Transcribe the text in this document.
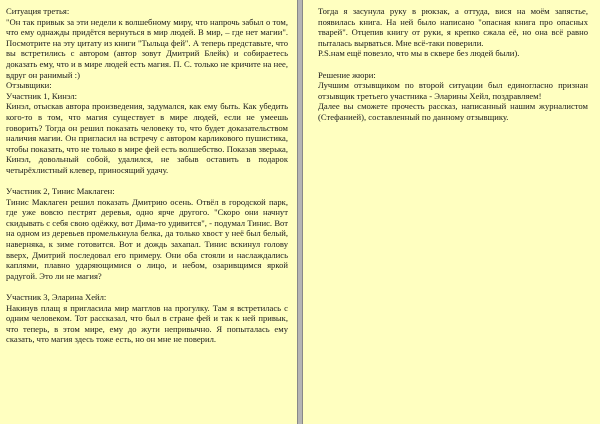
Ситуация третья:

"Он так привык за эти недели к волшебному миру, что напрочь забыл о том, что ему однажды придётся вернуться в мир людей. В мир, – где нет магии". Посмотрите на эту цитату из книги "Тыльца фей". А теперь представьте, что вы встретились с автором (автор зовут Дмитрий Блейк) и собираетесь доказать ему, что и в мире людей есть магия. П. С. только не кричите на нее, вдруг он ранимый :)

Отзывщики:

Участник 1, Кинэл:

Кинэл, отыскав автора произведения, задумался, как ему быть. Как убедить кого-то в том, что магия существует в мире людей, если не умеешь говорить? Тогда он решил показать человеку то, что будет доказательством наличия магии. Он пригласил на встречу с автором карликового пушистика, чтобы показать, что не только в мире фей есть волшебство. Показав зверька, Кинэл, довольный собой, удалился, не забыв оставить в подарок четырёхлистный клевер, приносящий удачу.

Участник 2, Тинис Маклаген:

Тинис Маклаген решил показать Дмитрию осень. Отвёл в городской парк, где уже вовсю пестрят деревья, одно ярче другого. "Скоро они начнут скидывать с себя свою одёжку, вот Дима-то удивится", - подумал Тинис. Вот на одном из деревьев промелькнула белка, да только хвост у неё был белый, наверняка, к зиме готовится. Вот и дождь захапал. Тинис вскинул голову вверх, Дмитрий последовал его примеру. Они оба стояли и наслаждались каплями, плавно ударяющимися о лицо, и небом, озаривщимся яркой радугой. Это ли не магия?

Участник 3, Эларина Хейл:

Накинув плащ я пригласила мир магглов на прогулку. Там я встретилась с одним человеком. Тот рассказал, что был в стране фей и так к ней привык, что теперь, в этом мире, ему до жути непривычно. Я попыталась ему сказать, что магия здесь тоже есть, но он мне не поверил.

Тогда я засунула руку в рюкзак, а оттуда, вися на моём запястье, появилась книга. На ней было написано "опасная книга про опасных тварей". Отцепив книгу от руки, я крепко сжала её, но она всё равно пыталась вырваться. Мне всё-таки поверили.

P.S.нам ещё повезло, что мы в сквере без людей были).

Решение жюри:

Лучшим отзывщиком по второй ситуации был единогласно признан отзывщик третьего участника - Эларины Хейл, поздравляем!

Далее вы сможете прочесть рассказ, написанный нашим журналистом (Стефанией), составленный по данному отзывщику.
